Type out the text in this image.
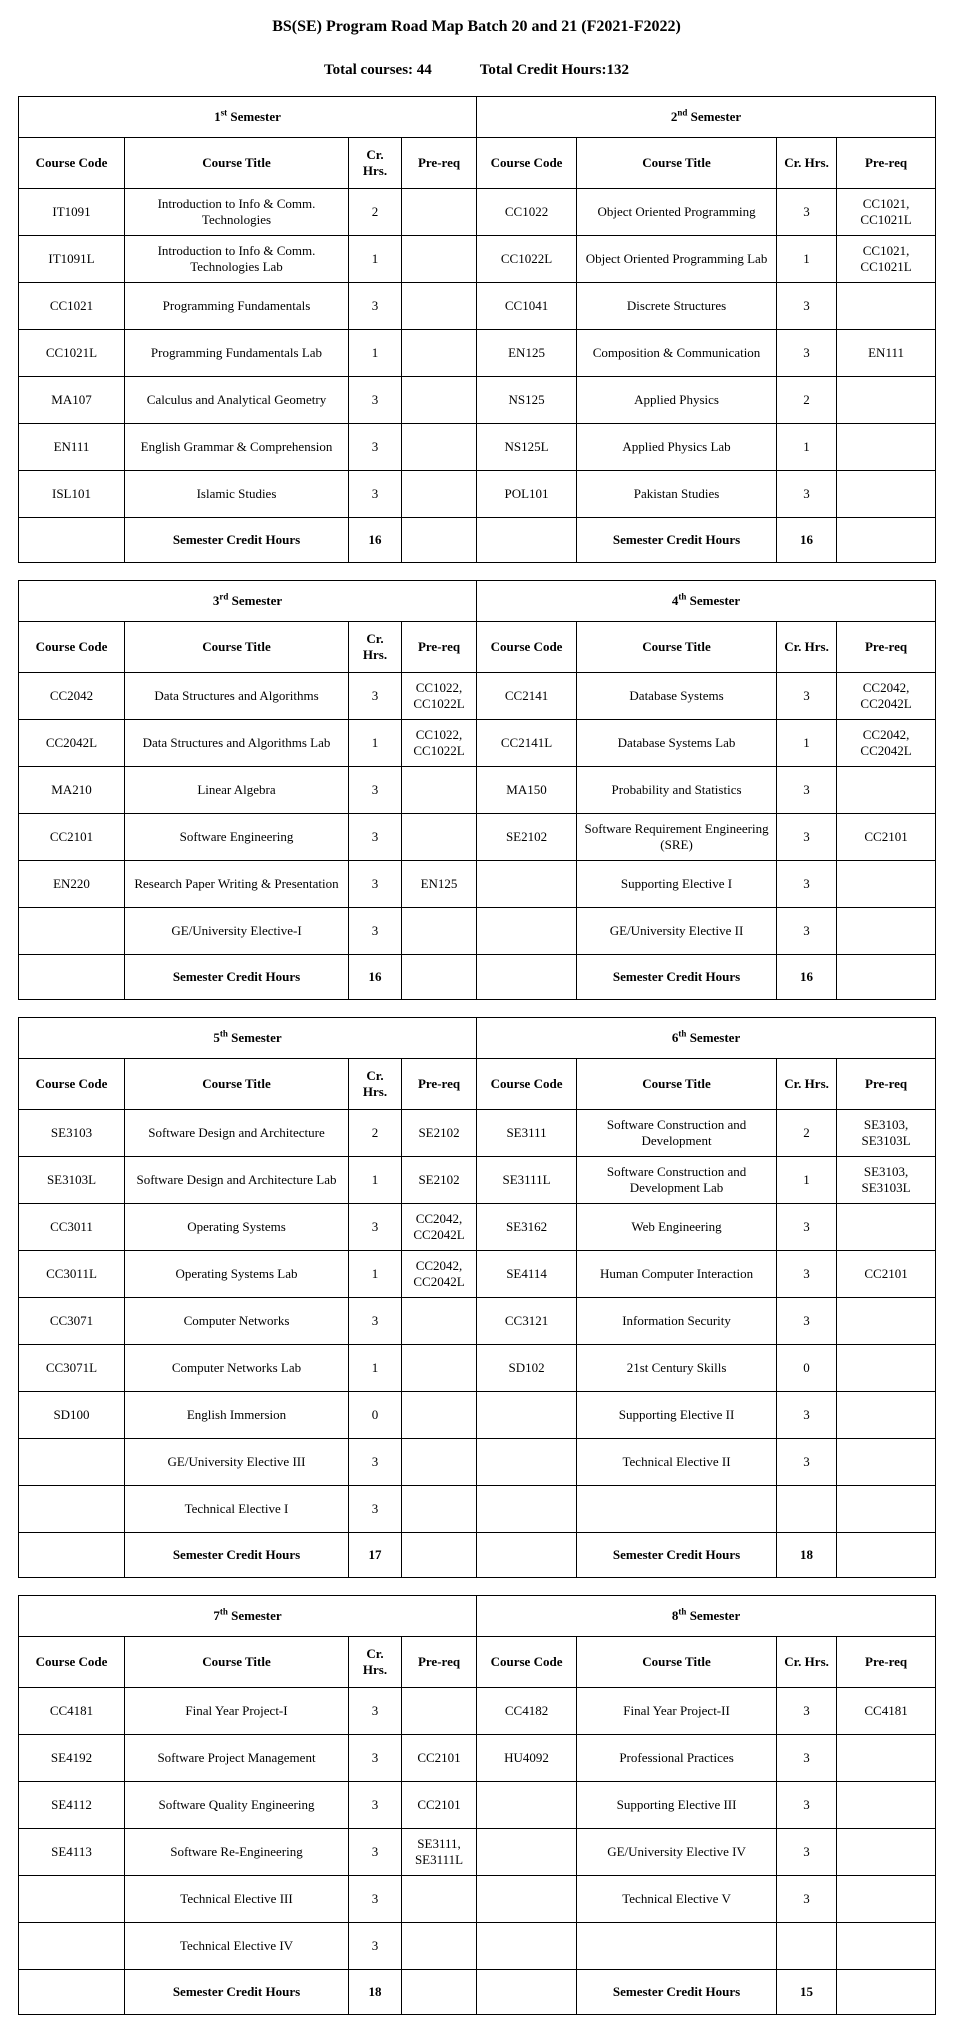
BS(SE) Program Road Map Batch 20 and 21 (F2021-F2022)
Total courses: 44	Total Credit Hours:132
1st Semester				2nd Semester			
Course Code	Course Title	Cr. Hrs.	Pre-req	Course Code	Course Title	Cr. Hrs.	Pre-req
IT1091	Introduction to Info & Comm. Technologies	2		CC1022	Object Oriented Programming	3	CC1021, CC1021L
IT1091L	Introduction to Info & Comm. Technologies Lab	1		CC1022L	Object Oriented Programming Lab	1	CC1021, CC1021L
CC1021	Programming Fundamentals	3		CC1041	Discrete Structures	3	
CC1021L	Programming Fundamentals Lab	1		EN125	Composition & Communication	3	EN111
MA107	Calculus and Analytical Geometry	3		NS125	Applied Physics	2	
EN111	English Grammar & Comprehension	3		NS125L	Applied Physics Lab	1	
ISL101	Islamic Studies	3		POL101	Pakistan Studies	3	
	Semester Credit Hours	16			Semester Credit Hours	16	
3rd Semester				4th Semester			
Course Code	Course Title	Cr. Hrs.	Pre-req	Course Code	Course Title	Cr. Hrs.	Pre-req
CC2042	Data Structures and Algorithms	3	CC1022, CC1022L	CC2141	Database Systems	3	CC2042, CC2042L
CC2042L	Data Structures and Algorithms Lab	1	CC1022, CC1022L	CC2141L	Database Systems Lab	1	CC2042, CC2042L
MA210	Linear Algebra	3		MA150	Probability and Statistics	3	
CC2101	Software Engineering	3		SE2102	Software Requirement Engineering (SRE)	3	CC2101
EN220	Research Paper Writing & Presentation	3	EN125		Supporting Elective I	3	
	GE/University Elective-I	3			GE/University Elective II	3	
	Semester Credit Hours	16			Semester Credit Hours	16	
5th Semester				6th Semester			
Course Code	Course Title	Cr. Hrs.	Pre-req	Course Code	Course Title	Cr. Hrs.	Pre-req
SE3103	Software Design and Architecture	2	SE2102	SE3111	Software Construction and Development	2	SE3103, SE3103L
SE3103L	Software Design and Architecture Lab	1	SE2102	SE3111L	Software Construction and Development Lab	1	SE3103, SE3103L
CC3011	Operating Systems	3	CC2042, CC2042L	SE3162	Web Engineering	3	
CC3011L	Operating Systems Lab	1	CC2042, CC2042L	SE4114	Human Computer Interaction	3	CC2101
CC3071	Computer Networks	3		CC3121	Information Security	3	
CC3071L	Computer Networks Lab	1		SD102	21st Century Skills	0	
SD100	English Immersion	0			Supporting Elective II	3	
	GE/University Elective III	3			Technical Elective II	3	
	Technical Elective I	3					
	Semester Credit Hours	17			Semester Credit Hours	18	
7th Semester				8th Semester			
Course Code	Course Title	Cr. Hrs.	Pre-req	Course Code	Course Title	Cr. Hrs.	Pre-req
CC4181	Final Year Project-I	3		CC4182	Final Year Project-II	3	CC4181
SE4192	Software Project Management	3	CC2101	HU4092	Professional Practices	3	
SE4112	Software Quality Engineering	3	CC2101		Supporting Elective III	3	
SE4113	Software Re-Engineering	3	SE3111, SE3111L		GE/University Elective IV	3	
	Technical Elective III	3			Technical Elective V	3	
	Technical Elective IV	3					
	Semester Credit Hours	18			Semester Credit Hours	15	
